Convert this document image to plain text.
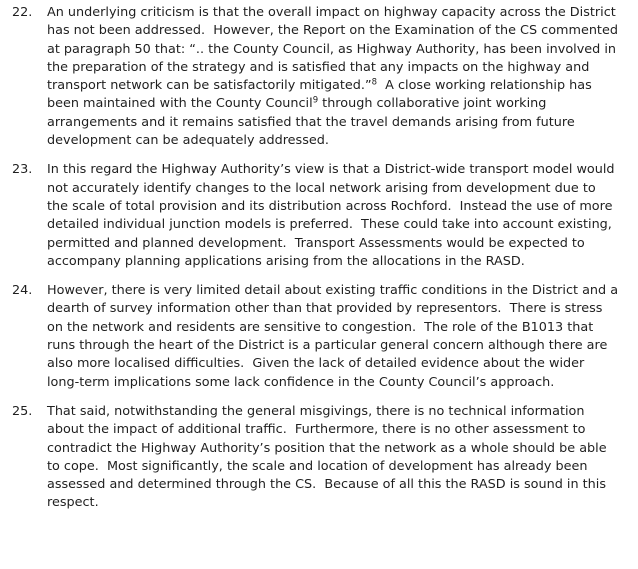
22.	An underlying criticism is that the overall impact on highway capacity across the District has not been addressed.  However, the Report on the Examination of the CS commented at paragraph 50 that: “.. the County Council, as Highway Authority, has been involved in the preparation of the strategy and is satisfied that any impacts on the highway and transport network can be satisfactorily mitigated.”$^8$  A close working relationship has been maintained with the County Council$^9$ through collaborative joint working arrangements and it remains satisfied that the travel demands arising from future development can be adequately addressed.
23.	In this regard the Highway Authority’s view is that a District-wide transport model would not accurately identify changes to the local network arising from development due to the scale of total provision and its distribution across Rochford.  Instead the use of more detailed individual junction models is preferred.  These could take into account existing, permitted and planned development.  Transport Assessments would be expected to accompany planning applications arising from the allocations in the RASD.
24.	However, there is very limited detail about existing traffic conditions in the District and a dearth of survey information other than that provided by representors.  There is stress on the network and residents are sensitive to congestion.  The role of the B1013 that runs through the heart of the District is a particular general concern although there are also more localised difficulties.  Given the lack of detailed evidence about the wider long-term implications some lack confidence in the County Council’s approach.
25.	That said, notwithstanding the general misgivings, there is no technical information about the impact of additional traffic.  Furthermore, there is no other assessment to contradict the Highway Authority’s position that the network as a whole should be able to cope.  Most significantly, the scale and location of development has already been assessed and determined through the CS.  Because of all this the RASD is sound in this respect.
